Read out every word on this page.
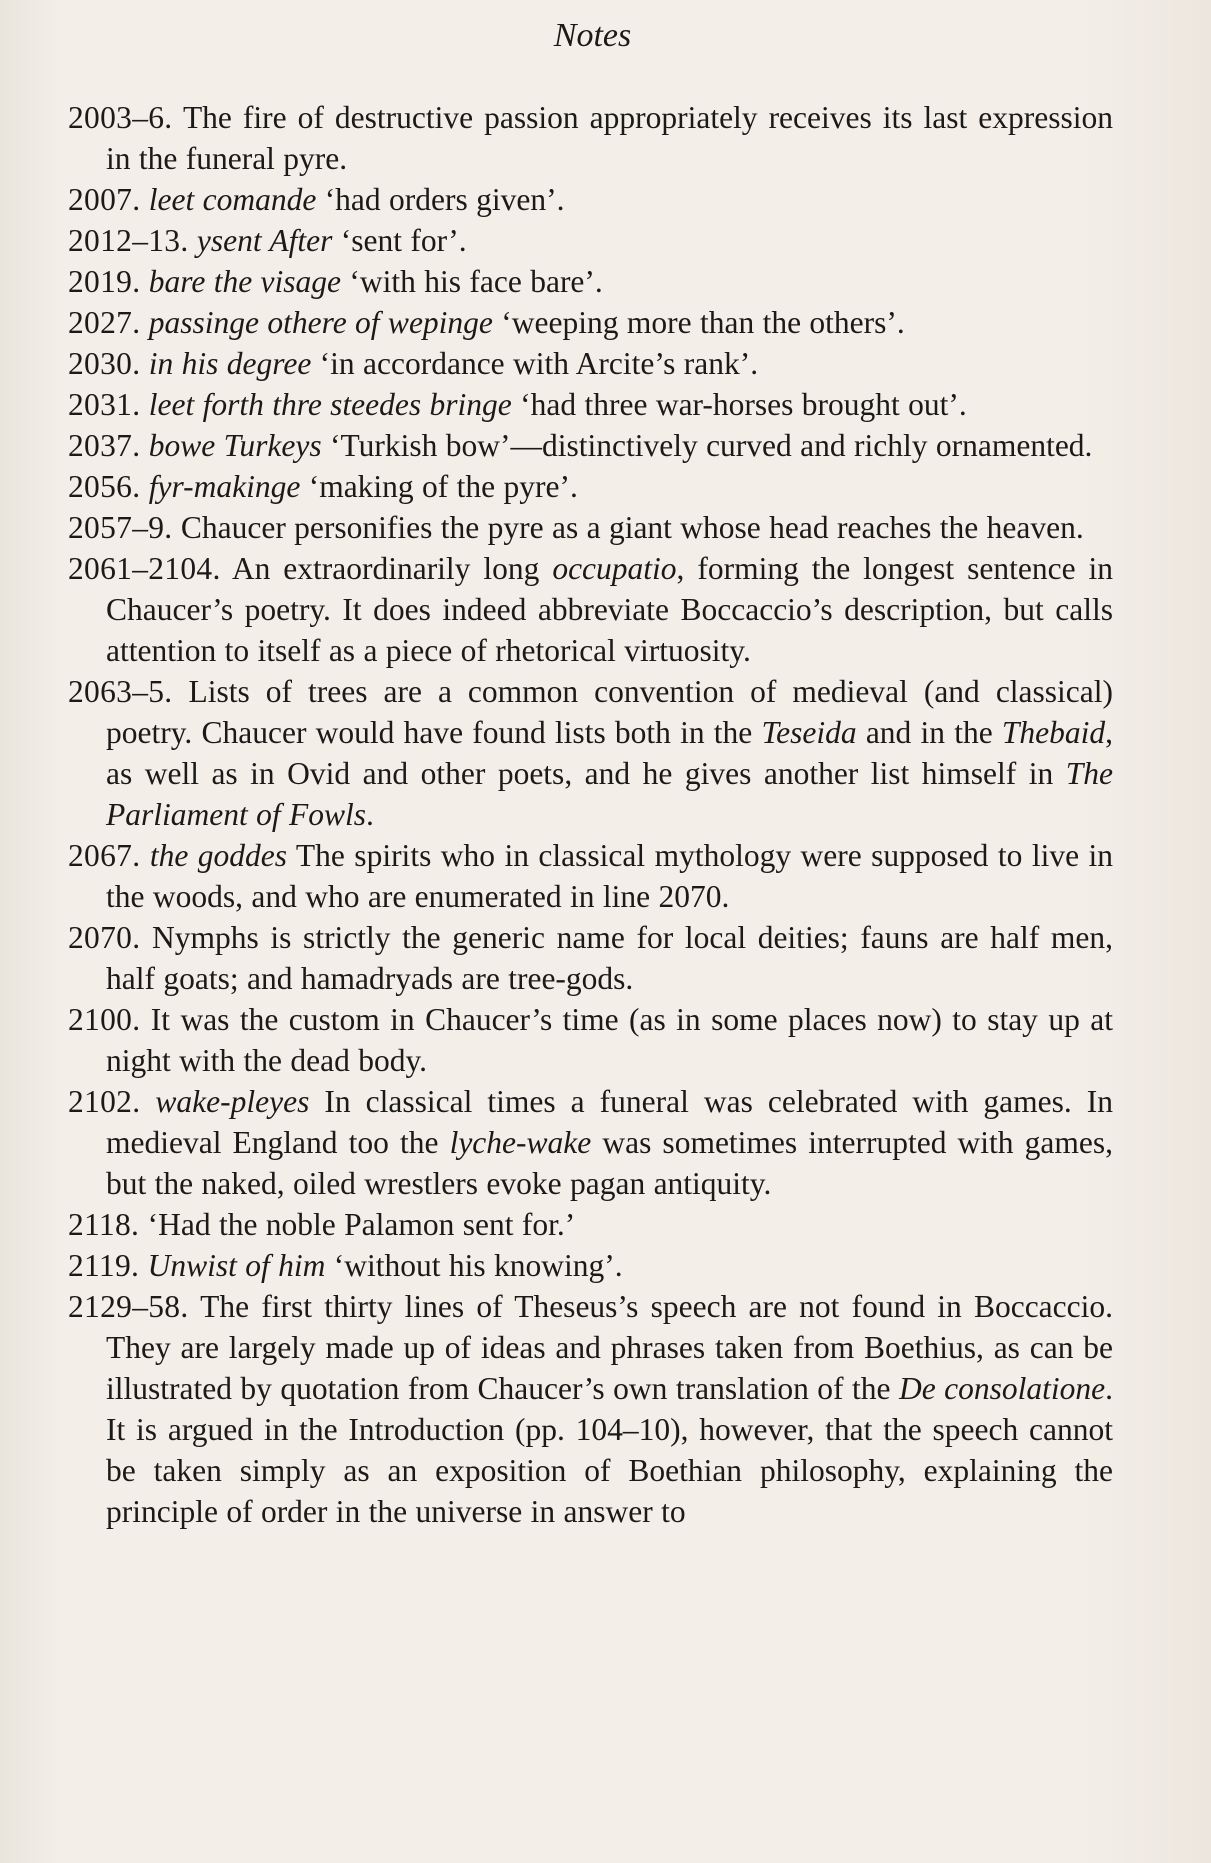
Notes

2003–6. The fire of destructive passion appropriately receives its last expression in the funeral pyre.

2007. leet comande ‘had orders given’.

2012–13. ysent After ‘sent for’.

2019. bare the visage ‘with his face bare’.

2027. passinge othere of wepinge ‘weeping more than the others’.

2030. in his degree ‘in accordance with Arcite’s rank’.

2031. leet forth thre steedes bringe ‘had three war-horses brought out’.

2037. bowe Turkeys ‘Turkish bow’—distinctively curved and richly ornamented.

2056. fyr-makinge ‘making of the pyre’.

2057–9. Chaucer personifies the pyre as a giant whose head reaches the heaven.

2061–2104. An extraordinarily long occupatio, forming the longest sentence in Chaucer’s poetry. It does indeed abbreviate Boccaccio’s description, but calls attention to itself as a piece of rhetorical virtuosity.

2063–5. Lists of trees are a common convention of medieval (and classical) poetry. Chaucer would have found lists both in the Teseida and in the Thebaid, as well as in Ovid and other poets, and he gives another list himself in The Parliament of Fowls.

2067. the goddes The spirits who in classical mythology were supposed to live in the woods, and who are enumerated in line 2070.

2070. Nymphs is strictly the generic name for local deities; fauns are half men, half goats; and hamadryads are tree-gods.

2100. It was the custom in Chaucer’s time (as in some places now) to stay up at night with the dead body.

2102. wake-pleyes In classical times a funeral was celebrated with games. In medieval England too the lyche-wake was sometimes interrupted with games, but the naked, oiled wrestlers evoke pagan antiquity.

2118. ‘Had the noble Palamon sent for.’

2119. Unwist of him ‘without his knowing’.

2129–58. The first thirty lines of Theseus’s speech are not found in Boccaccio. They are largely made up of ideas and phrases taken from Boethius, as can be illustrated by quotation from Chaucer’s own translation of the De consolatione. It is argued in the Introduction (pp. 104–10), however, that the speech cannot be taken simply as an exposition of Boethian philosophy, explaining the principle of order in the universe in answer to
